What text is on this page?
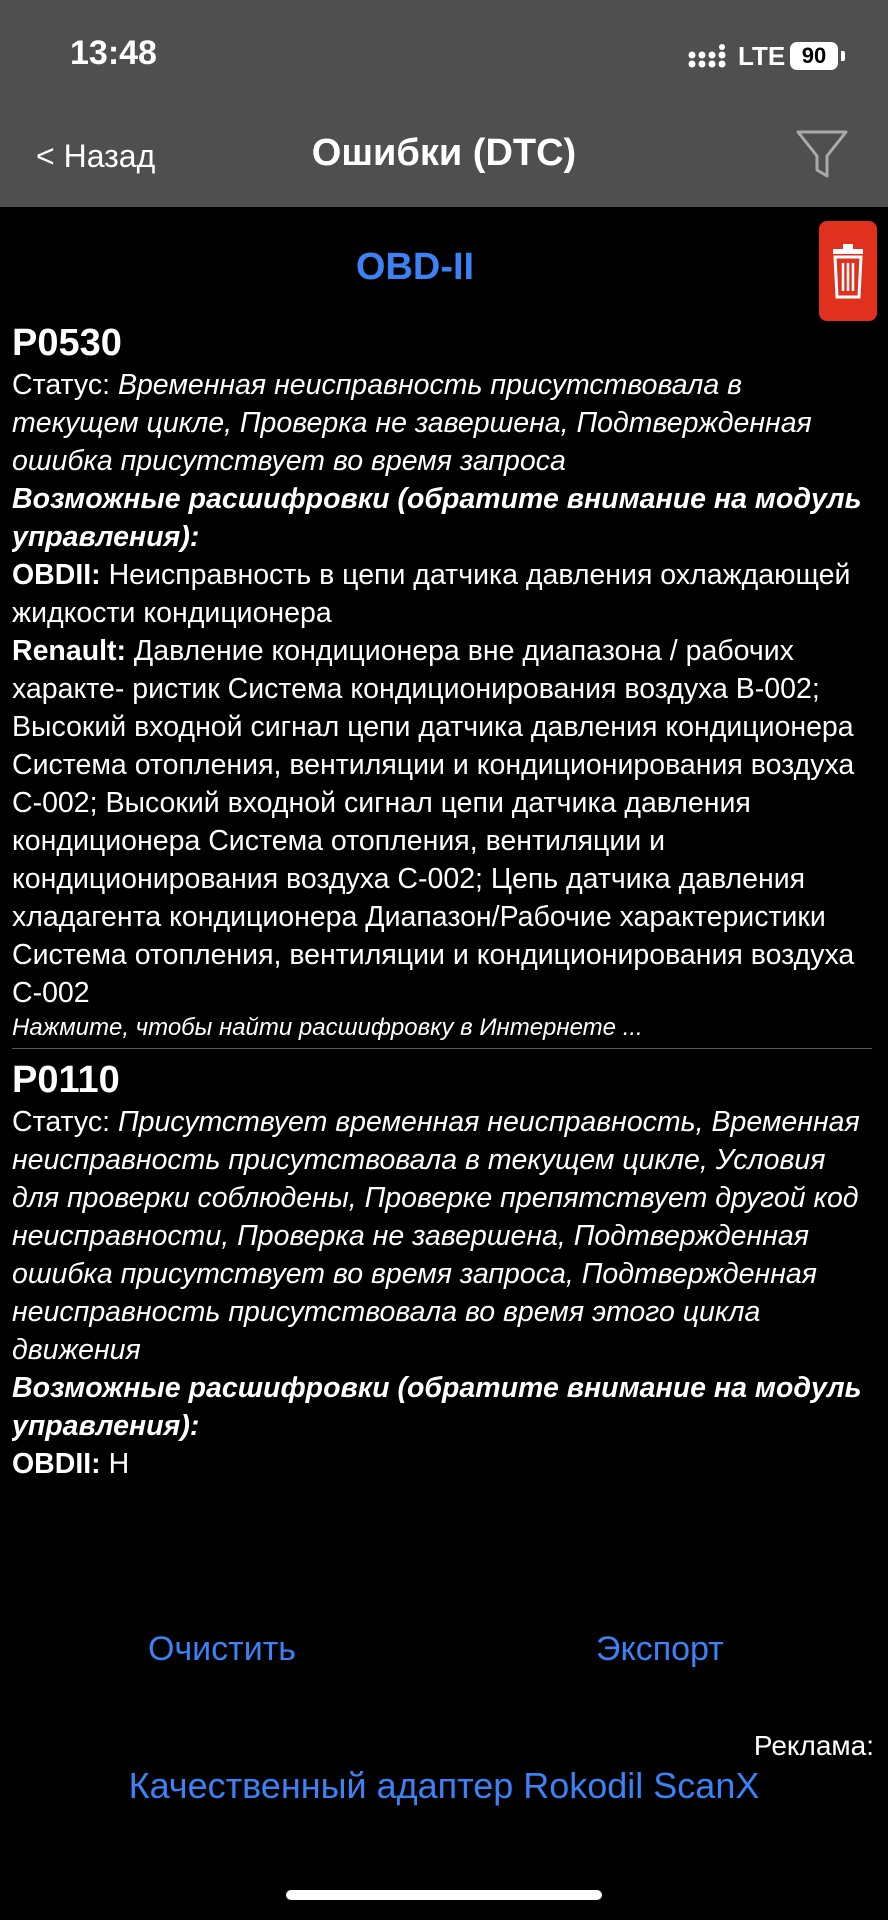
13:48	LTE 90
< Назад	Ошибки (DTC)
OBD-II
P0530
Статус: Временная неисправность присутствовала в текущем цикле, Проверка не завершена, Подтвержденная ошибка присутствует во время запроса
Возможные расшифровки (обратите внимание на модуль управления):
OBDII: Неисправность в цепи датчика давления охлаждающей жидкости кондиционера
Renault: Давление кондиционера вне диапазона / рабочих характе- ристик Система кондиционирования воздуха B-002; Высокий входной сигнал цепи датчика давления кондиционера Система отопления, вентиляции и кондиционирования воздуха C-002; Высокий входной сигнал цепи датчика давления кондиционера Система отопления, вентиляции и кондиционирования воздуха C-002; Цепь датчика давления хладагента кондиционера Диапазон/Рабочие характеристики Система отопления, вентиляции и кондиционирования воздуха C-002
Нажмите, чтобы найти расшифровку в Интернете ...
P0110
Статус: Присутствует временная неисправность, Временная неисправность присутствовала в текущем цикле, Условия для проверки соблюдены, Проверке препятствует другой код неисправности, Проверка не завершена, Подтвержденная ошибка присутствует во время запроса, Подтвержденная неисправность присутствовала во время этого цикла движения
Возможные расшифровки (обратите внимание на модуль управления):
OBDII: Н
Очистить	Экспорт
Реклама:
Качественный адаптер Rokodil ScanX
